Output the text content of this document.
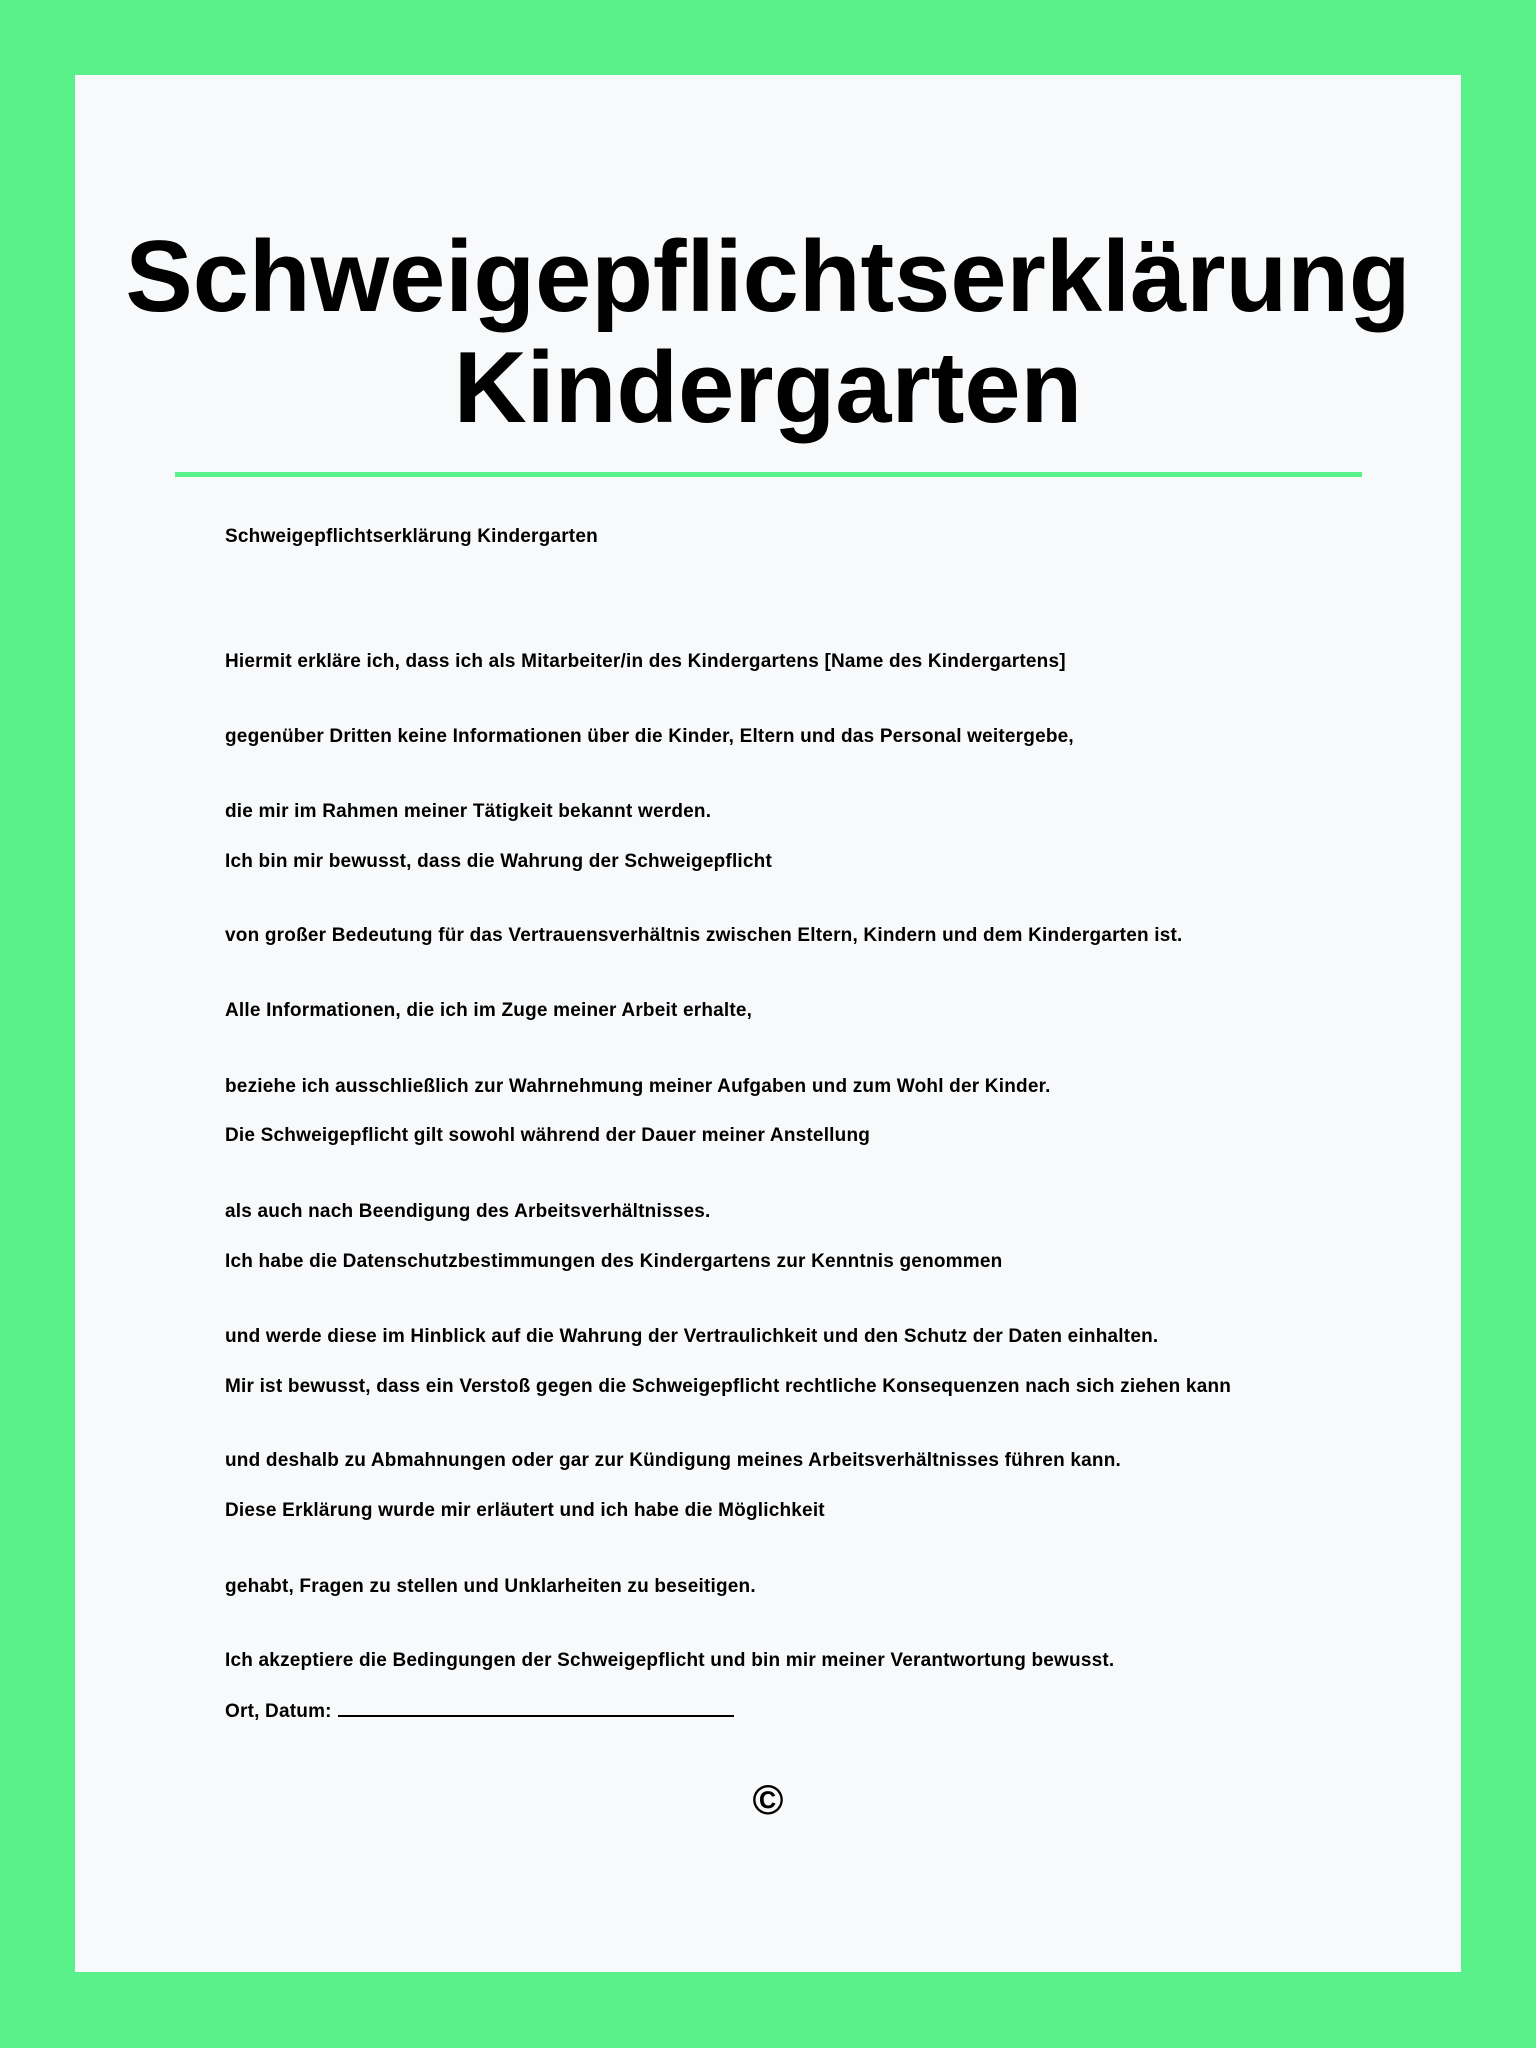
Schweigepflichtserklärung
Kindergarten
Schweigepflichtserklärung Kindergarten
Hiermit erkläre ich, dass ich als Mitarbeiter/in des Kindergartens [Name des Kindergartens]
gegenüber Dritten keine Informationen über die Kinder, Eltern und das Personal weitergebe,
die mir im Rahmen meiner Tätigkeit bekannt werden.
Ich bin mir bewusst, dass die Wahrung der Schweigepflicht
von großer Bedeutung für das Vertrauensverhältnis zwischen Eltern, Kindern und dem Kindergarten ist.
Alle Informationen, die ich im Zuge meiner Arbeit erhalte,
beziehe ich ausschließlich zur Wahrnehmung meiner Aufgaben und zum Wohl der Kinder.
Die Schweigepflicht gilt sowohl während der Dauer meiner Anstellung
als auch nach Beendigung des Arbeitsverhältnisses.
Ich habe die Datenschutzbestimmungen des Kindergartens zur Kenntnis genommen
und werde diese im Hinblick auf die Wahrung der Vertraulichkeit und den Schutz der Daten einhalten.
Mir ist bewusst, dass ein Verstoß gegen die Schweigepflicht rechtliche Konsequenzen nach sich ziehen kann
und deshalb zu Abmahnungen oder gar zur Kündigung meines Arbeitsverhältnisses führen kann.
Diese Erklärung wurde mir erläutert und ich habe die Möglichkeit
gehabt, Fragen zu stellen und Unklarheiten zu beseitigen.
Ich akzeptiere die Bedingungen der Schweigepflicht und bin mir meiner Verantwortung bewusst.
Ort, Datum:
©
